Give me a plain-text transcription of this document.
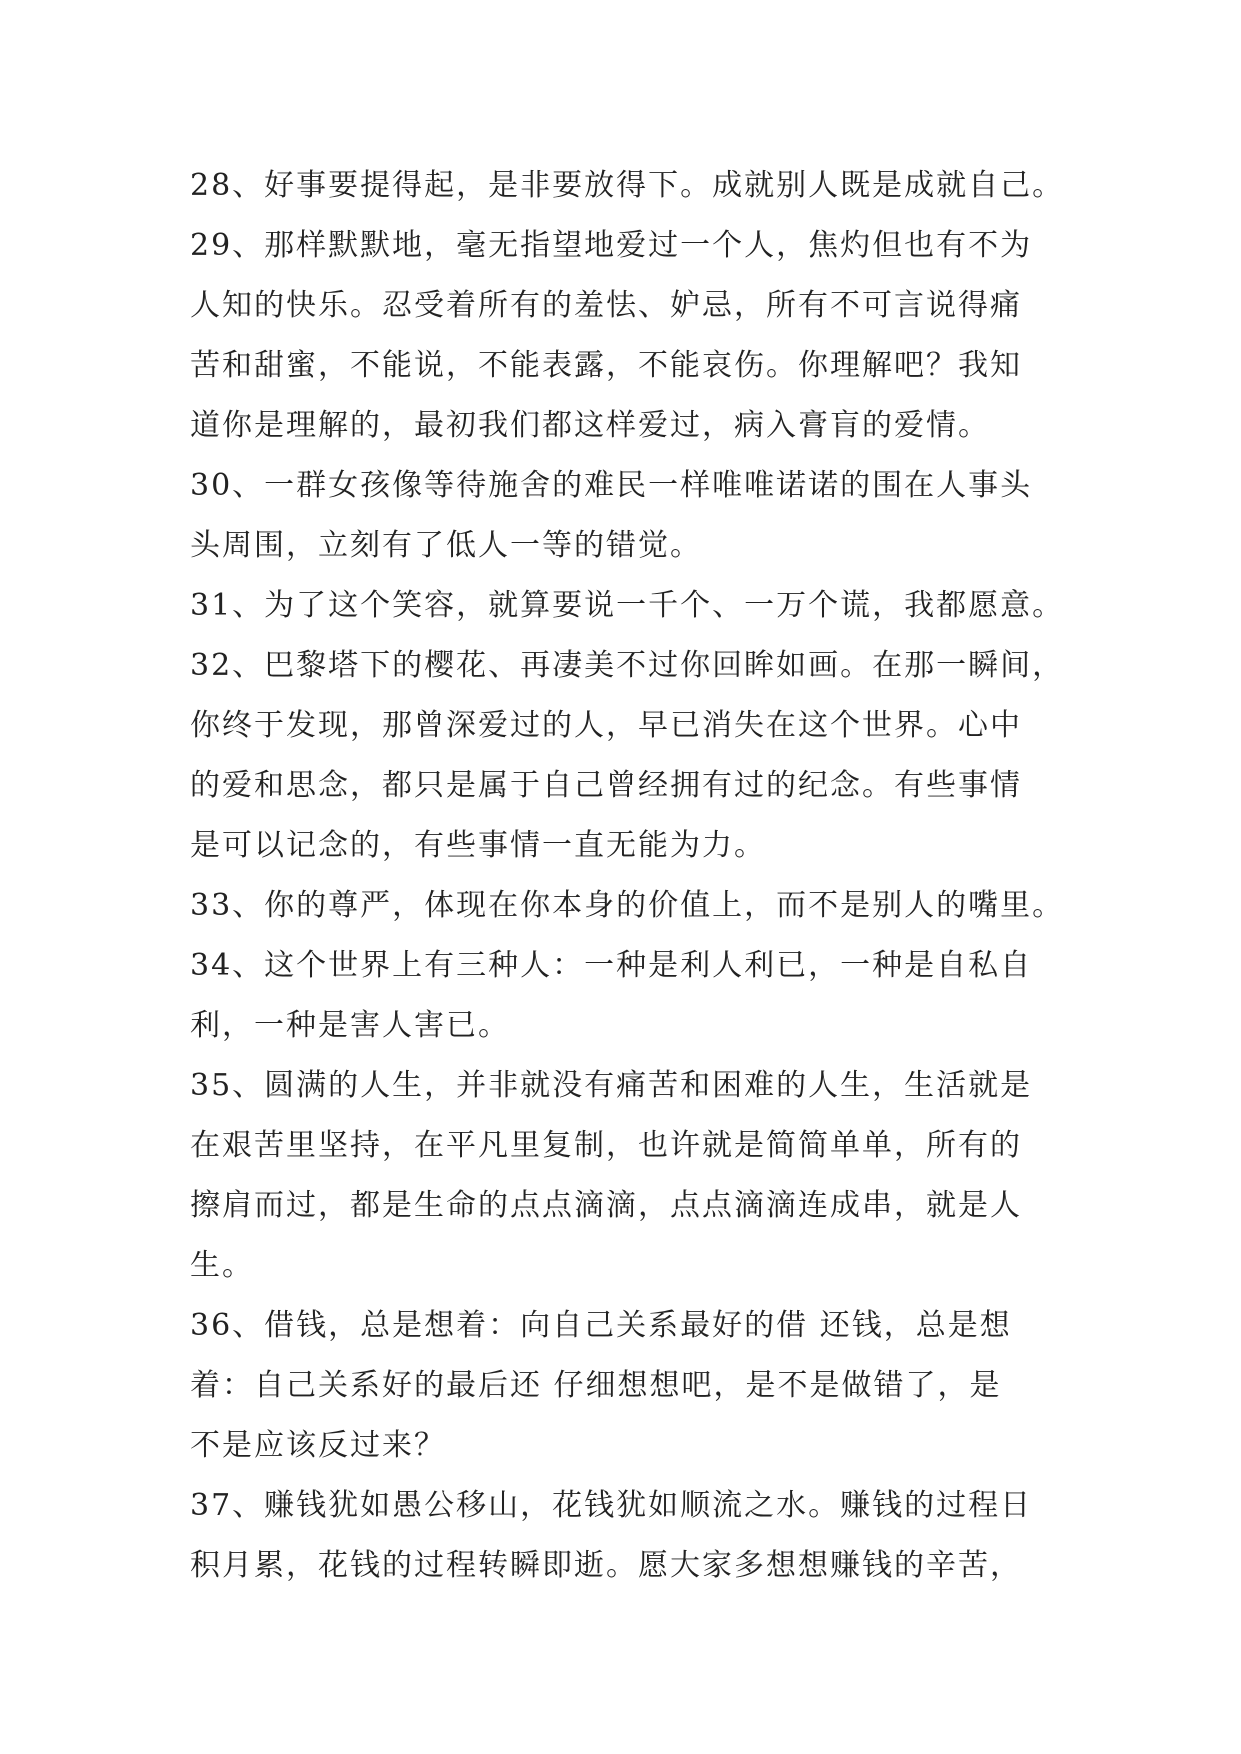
28、好事要提得起，是非要放得下。成就别人既是成就自己。
29、那样默默地，毫无指望地爱过一个人，焦灼但也有不为
人知的快乐。忍受着所有的羞怯、妒忌，所有不可言说得痛
苦和甜蜜，不能说，不能表露，不能哀伤。你理解吧？我知
道你是理解的，最初我们都这样爱过，病入膏肓的爱情。
30、一群女孩像等待施舍的难民一样唯唯诺诺的围在人事头
头周围，立刻有了低人一等的错觉。
31、为了这个笑容，就算要说一千个、一万个谎，我都愿意。
32、巴黎塔下的樱花、再凄美不过你回眸如画。在那一瞬间，
你终于发现，那曾深爱过的人，早已消失在这个世界。心中
的爱和思念，都只是属于自己曾经拥有过的纪念。有些事情
是可以记念的，有些事情一直无能为力。
33、你的尊严，体现在你本身的价值上，而不是别人的嘴里。
34、这个世界上有三种人：一种是利人利已，一种是自私自
利，一种是害人害已。
35、圆满的人生，并非就没有痛苦和困难的人生，生活就是
在艰苦里坚持，在平凡里复制，也许就是简简单单，所有的
擦肩而过，都是生命的点点滴滴，点点滴滴连成串，就是人
生。
36、借钱，总是想着：向自己关系最好的借 还钱，总是想
着：自己关系好的最后还 仔细想想吧，是不是做错了，是
不是应该反过来？
37、赚钱犹如愚公移山，花钱犹如顺流之水。赚钱的过程日
积月累，花钱的过程转瞬即逝。愿大家多想想赚钱的辛苦，
